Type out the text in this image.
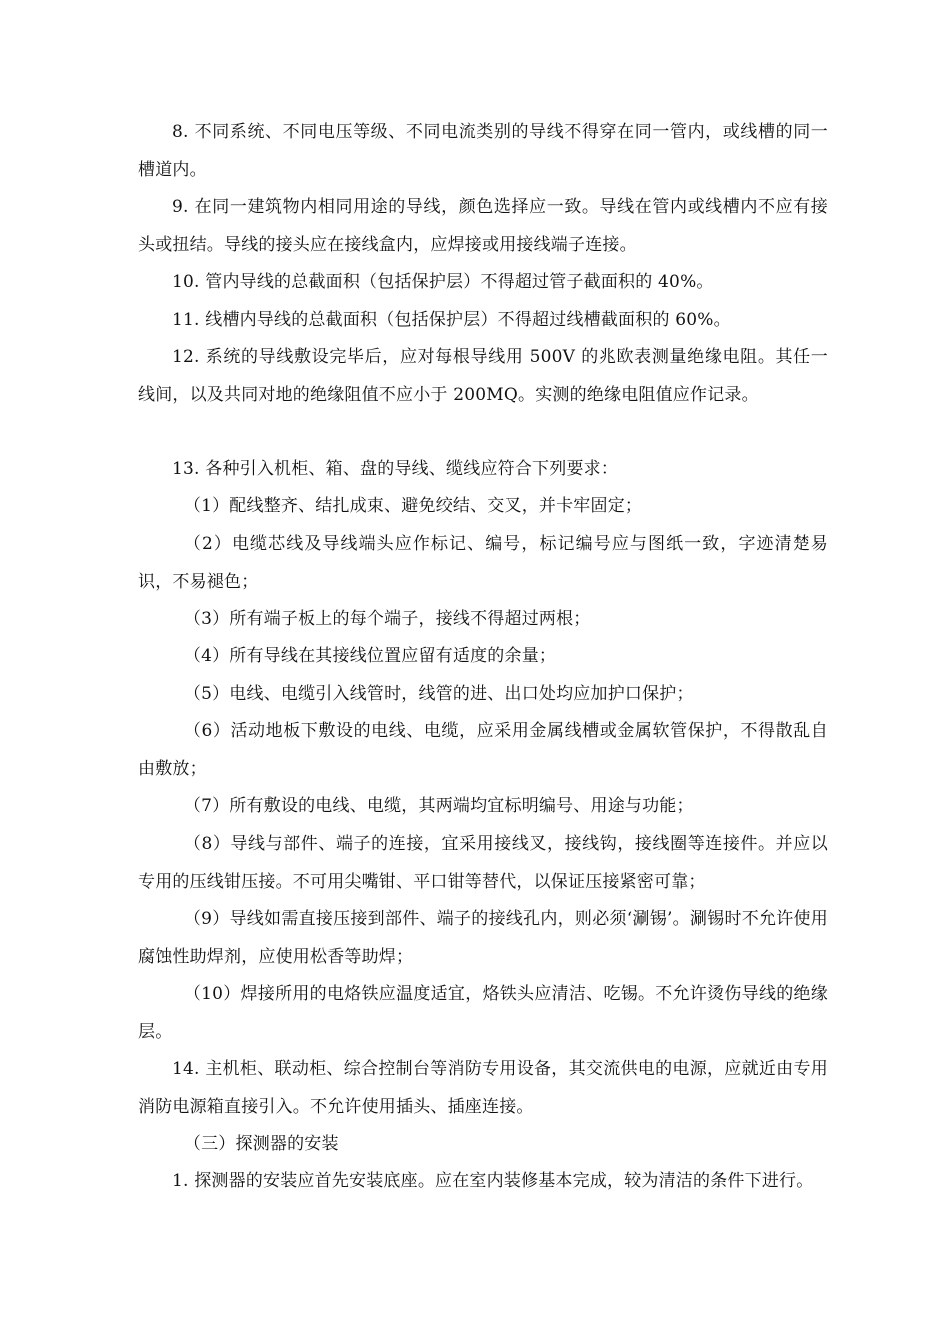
8. 不同系统、不同电压等级、不同电流类别的导线不得穿在同一管内，或线槽的同一槽道内。

9. 在同一建筑物内相同用途的导线，颜色选择应一致。导线在管内或线槽内不应有接头或扭结。导线的接头应在接线盒内，应焊接或用接线端子连接。

10. 管内导线的总截面积（包括保护层）不得超过管子截面积的 40%。

11. 线槽内导线的总截面积（包括保护层）不得超过线槽截面积的 60%。

12. 系统的导线敷设完毕后，应对每根导线用 500V 的兆欧表测量绝缘电阻。其任一线间，以及共同对地的绝缘阻值不应小于 200MQ。实测的绝缘电阻值应作记录。

13. 各种引入机柜、箱、盘的导线、缆线应符合下列要求：

（1）配线整齐、结扎成束、避免绞结、交叉，并卡牢固定；

（2）电缆芯线及导线端头应作标记、编号，标记编号应与图纸一致，字迹清楚易识，不易褪色；

（3）所有端子板上的每个端子，接线不得超过两根；

（4）所有导线在其接线位置应留有适度的余量；

（5）电线、电缆引入线管时，线管的进、出口处均应加护口保护；

（6）活动地板下敷设的电线、电缆，应采用金属线槽或金属软管保护，不得散乱自由敷放；

（7）所有敷设的电线、电缆，其两端均宜标明编号、用途与功能；

（8）导线与部件、端子的连接，宜采用接线叉，接线钩，接线圈等连接件。并应以专用的压线钳压接。不可用尖嘴钳、平口钳等替代，以保证压接紧密可靠；

（9）导线如需直接压接到部件、端子的接线孔内，则必须‘涮锡’。涮锡时不允许使用腐蚀性助焊剂，应使用松香等助焊；

（10）焊接所用的电烙铁应温度适宜，烙铁头应清洁、吃锡。不允许烫伤导线的绝缘层。

14. 主机柜、联动柜、综合控制台等消防专用设备，其交流供电的电源，应就近由专用消防电源箱直接引入。不允许使用插头、插座连接。

（三）探测器的安装

1. 探测器的安装应首先安装底座。应在室内装修基本完成，较为清洁的条件下进行。
